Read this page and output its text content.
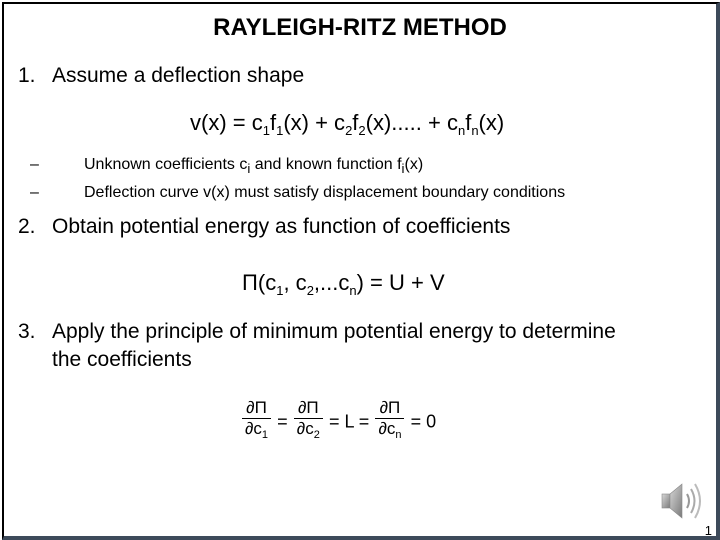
RAYLEIGH-RITZ METHOD
1. Assume a deflection shape
$v(x) = c_1f_1(x) + c_2f_2(x)$..... + $c_nf_n(x)$
–	Unknown coefficients $c_i$ and known function $f_i(x)$
–	Deflection curve v(x) must satisfy displacement boundary conditions
2. Obtain potential energy as function of coefficients
$\Pi(c_1$, $c_2,...c_n) = U + V$
3. Apply the principle of minimum potential energy to determine
the coefficients
$\frac{\partial\Pi}{\partial c_1} = \frac{\partial\Pi}{\partial c_2} = L = \frac{\partial\Pi}{\partial c_n} = 0$
1
